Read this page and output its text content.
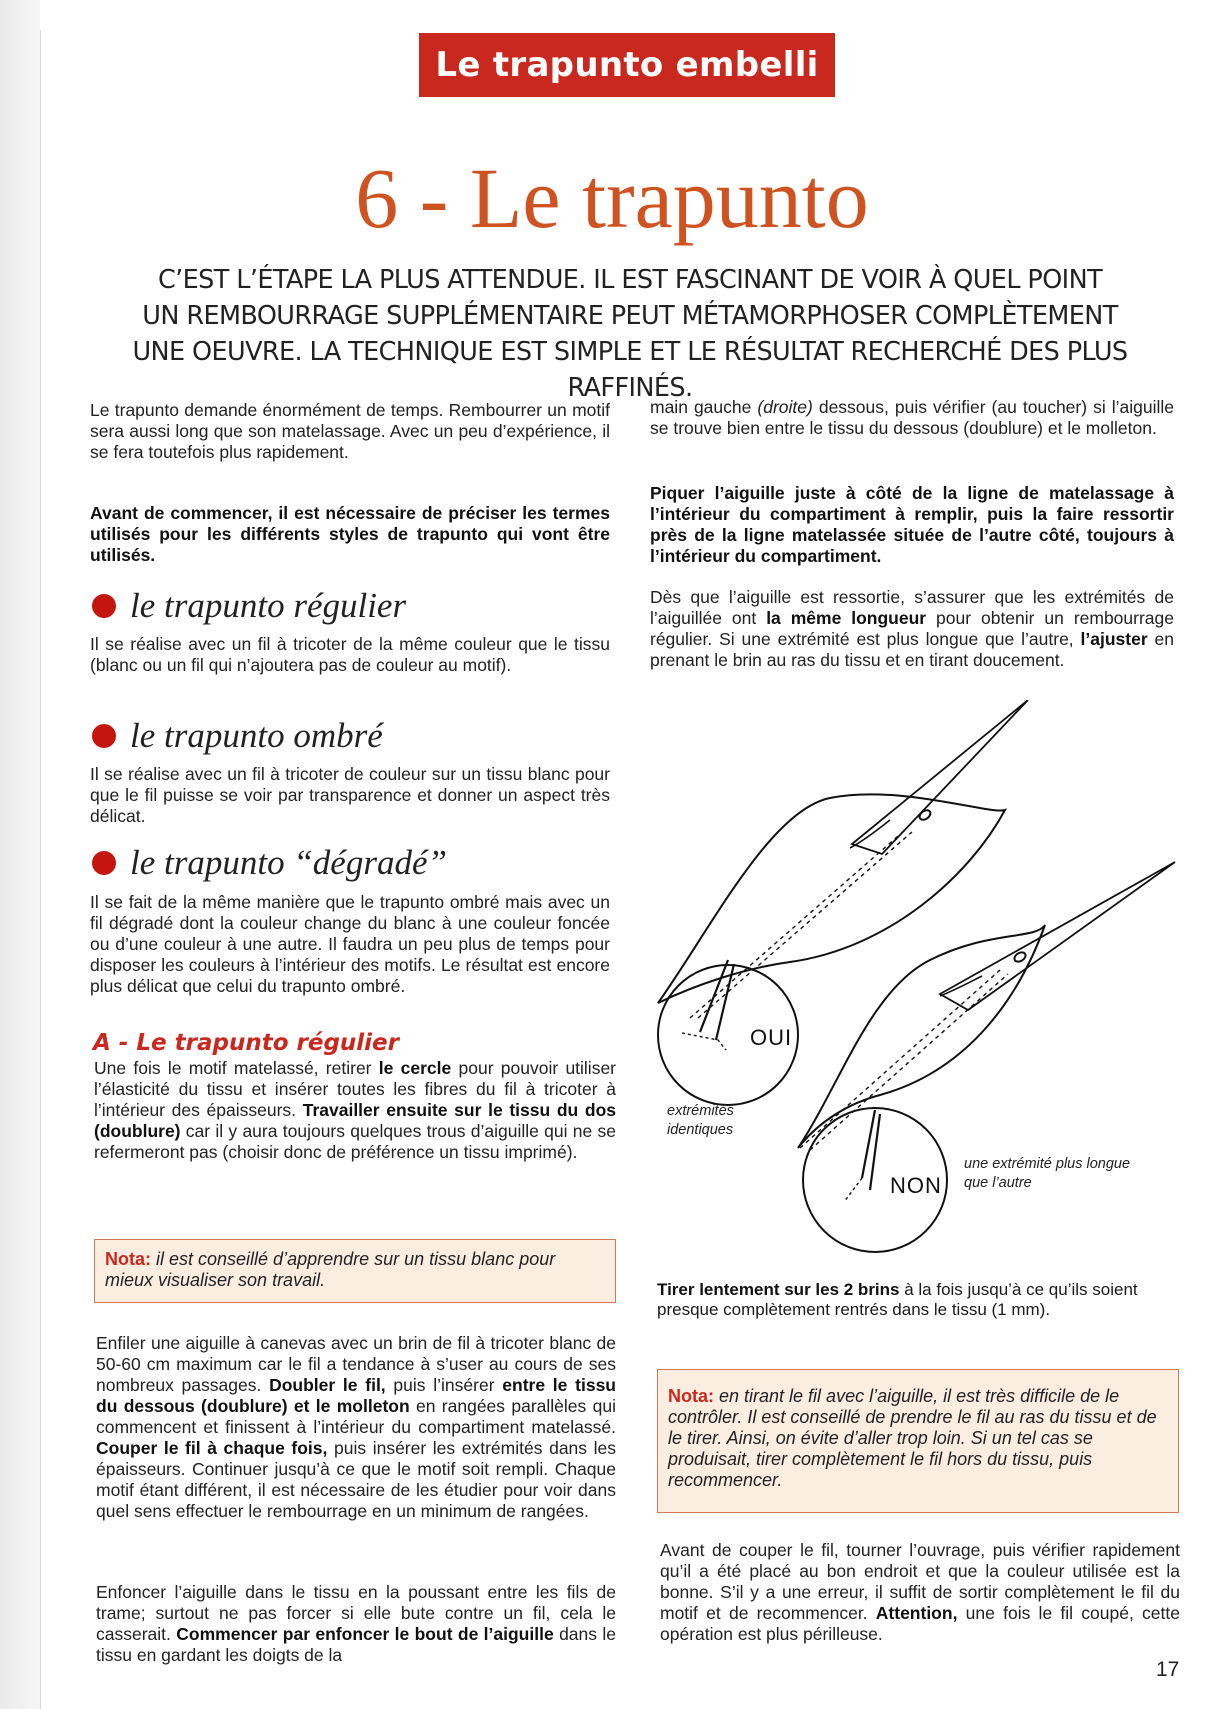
Le trapunto embelli
6 - Le trapunto
C’EST L’ÉTAPE LA PLUS ATTENDUE. IL EST FASCINANT DE VOIR À QUEL POINT
UN REMBOURRAGE SUPPLÉMENTAIRE PEUT MÉTAMORPHOSER COMPLÈTEMENT
UNE OEUVRE. LA TECHNIQUE EST SIMPLE ET LE RÉSULTAT RECHERCHÉ DES PLUS RAFFINÉS.

Le trapunto demande énormément de temps. Rembourrer un motif sera aussi long que son matelassage. Avec un peu d’expérience, il se fera toutefois plus rapidement.

Avant de commencer, il est nécessaire de préciser les termes utilisés pour les différents styles de trapunto qui vont être utilisés.

le trapunto régulier

Il se réalise avec un fil à tricoter de la même couleur que le tissu (blanc ou un fil qui n’ajoutera pas de couleur au motif).

le trapunto ombré

Il se réalise avec un fil à tricoter de couleur sur un tissu blanc pour que le fil puisse se voir par transparence et donner un aspect très délicat.

le trapunto “dégradé”

Il se fait de la même manière que le trapunto ombré mais avec un fil dégradé dont la couleur change du blanc à une couleur foncée ou d’une couleur à une autre. Il faudra un peu plus de temps pour disposer les couleurs à l’intérieur des motifs. Le résultat est encore plus délicat que celui du trapunto ombré.

A - Le trapunto régulier

Une fois le motif matelassé, retirer le cercle pour pouvoir utiliser l’élasticité du tissu et insérer toutes les fibres du fil à tricoter à l’intérieur des épaisseurs. Travailler ensuite sur le tissu du dos (doublure) car il y aura toujours quelques trous d’aiguille qui ne se refermeront pas (choisir donc de préférence un tissu imprimé).

Nota: il est conseillé d’apprendre sur un tissu blanc pour mieux visualiser son travail.

Enfiler une aiguille à canevas avec un brin de fil à tricoter blanc de 50-60 cm maximum car le fil a tendance à s’user au cours de ses nombreux passages. Doubler le fil, puis l’insérer entre le tissu du dessous (doublure) et le molleton en rangées parallèles qui commencent et finissent à l’intérieur du compartiment matelassé. Couper le fil à chaque fois, puis insérer les extrémités dans les épaisseurs. Continuer jusqu’à ce que le motif soit rempli. Chaque motif étant différent, il est nécessaire de les étudier pour voir dans quel sens effectuer le rembourrage en un minimum de rangées.

Enfoncer l’aiguille dans le tissu en la poussant entre les fils de trame; surtout ne pas forcer si elle bute contre un fil, cela le casserait. Commencer par enfoncer le bout de l’aiguille dans le tissu en gardant les doigts de la

main gauche (droite) dessous, puis vérifier (au toucher) si l’aiguille se trouve bien entre le tissu du dessous (doublure) et le molleton.

Piquer l’aiguille juste à côté de la ligne de matelassage à l’intérieur du compartiment à remplir, puis la faire ressortir près de la ligne matelassée située de l’autre côté, toujours à l’intérieur du compartiment.

Dès que l’aiguille est ressortie, s’assurer que les extrémités de l’aiguillée ont la même longueur pour obtenir un rembourrage régulier. Si une extrémité est plus longue que l’autre, l’ajuster en prenant le brin au ras du tissu et en tirant doucement.

OUI
NON
extrémités identiques
une extrémité plus longue que l’autre
Tirer lentement sur les 2 brins à la fois jusqu’à ce qu’ils soient presque complètement rentrés dans le tissu (1 mm).
Nota: en tirant le fil avec l’aiguille, il est très difficile de le contrôler. Il est conseillé de prendre le fil au ras du tissu et de le tirer. Ainsi, on évite d’aller trop loin. Si un tel cas se produisait, tirer complètement le fil hors du tissu, puis recommencer.

Avant de couper le fil, tourner l’ouvrage, puis vérifier rapidement qu’il a été placé au bon endroit et que la couleur utilisée est la bonne. S’il y a une erreur, il suffit de sortir complètement le fil du motif et de recommencer. Attention, une fois le fil coupé, cette opération est plus périlleuse.

17
